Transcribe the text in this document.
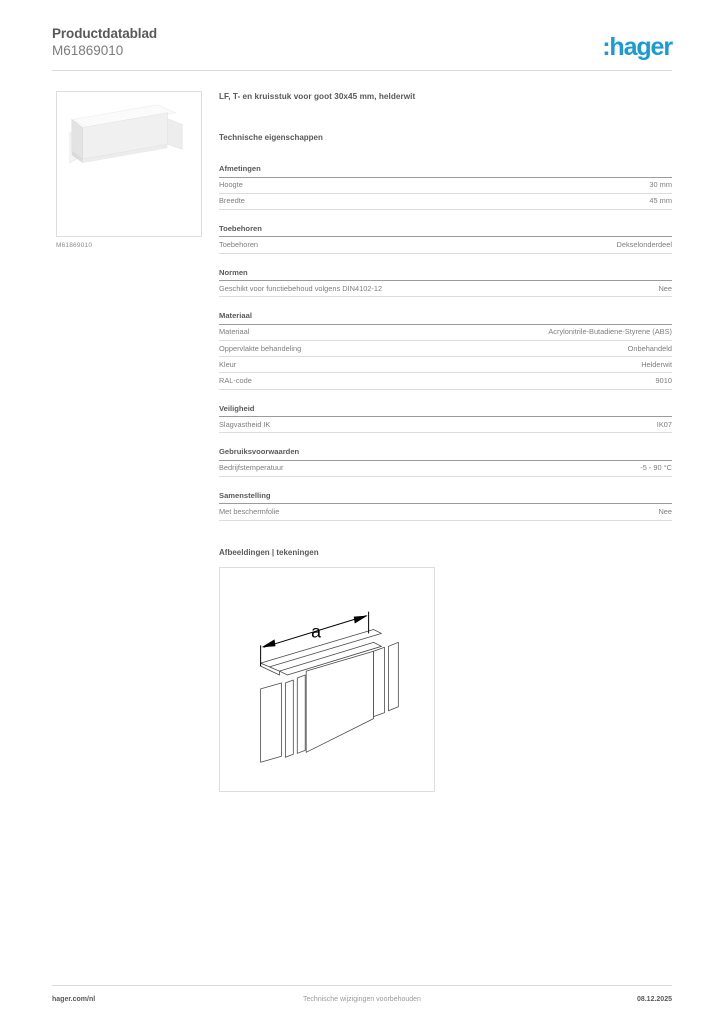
Productdatablad
M61869010	:hager
M61869010
LF, T- en kruisstuk voor goot 30x45 mm, helderwit
Technische eigenschappen
Afmetingen
Hoogte	30 mm
Breedte	45 mm
Toebehoren
Toebehoren	Dekselonderdeel
Normen
Geschikt voor functiebehoud volgens DIN4102-12	Nee
Materiaal
Materiaal	Acrylonitrile-Butadiene-Styrene (ABS)
Oppervlakte behandeling	Onbehandeld
Kleur	Helderwit
RAL-code	9010
Veiligheid
Slagvastheid IK	IK07
Gebruiksvoorwaarden
Bedrijfstemperatuur	-5 - 90 °C
Samenstelling
Met beschermfolie	Nee
Afbeeldingen | tekeningen
a
Technische wijzigingen voorbehouden
hager.com/nl	08.12.2025
